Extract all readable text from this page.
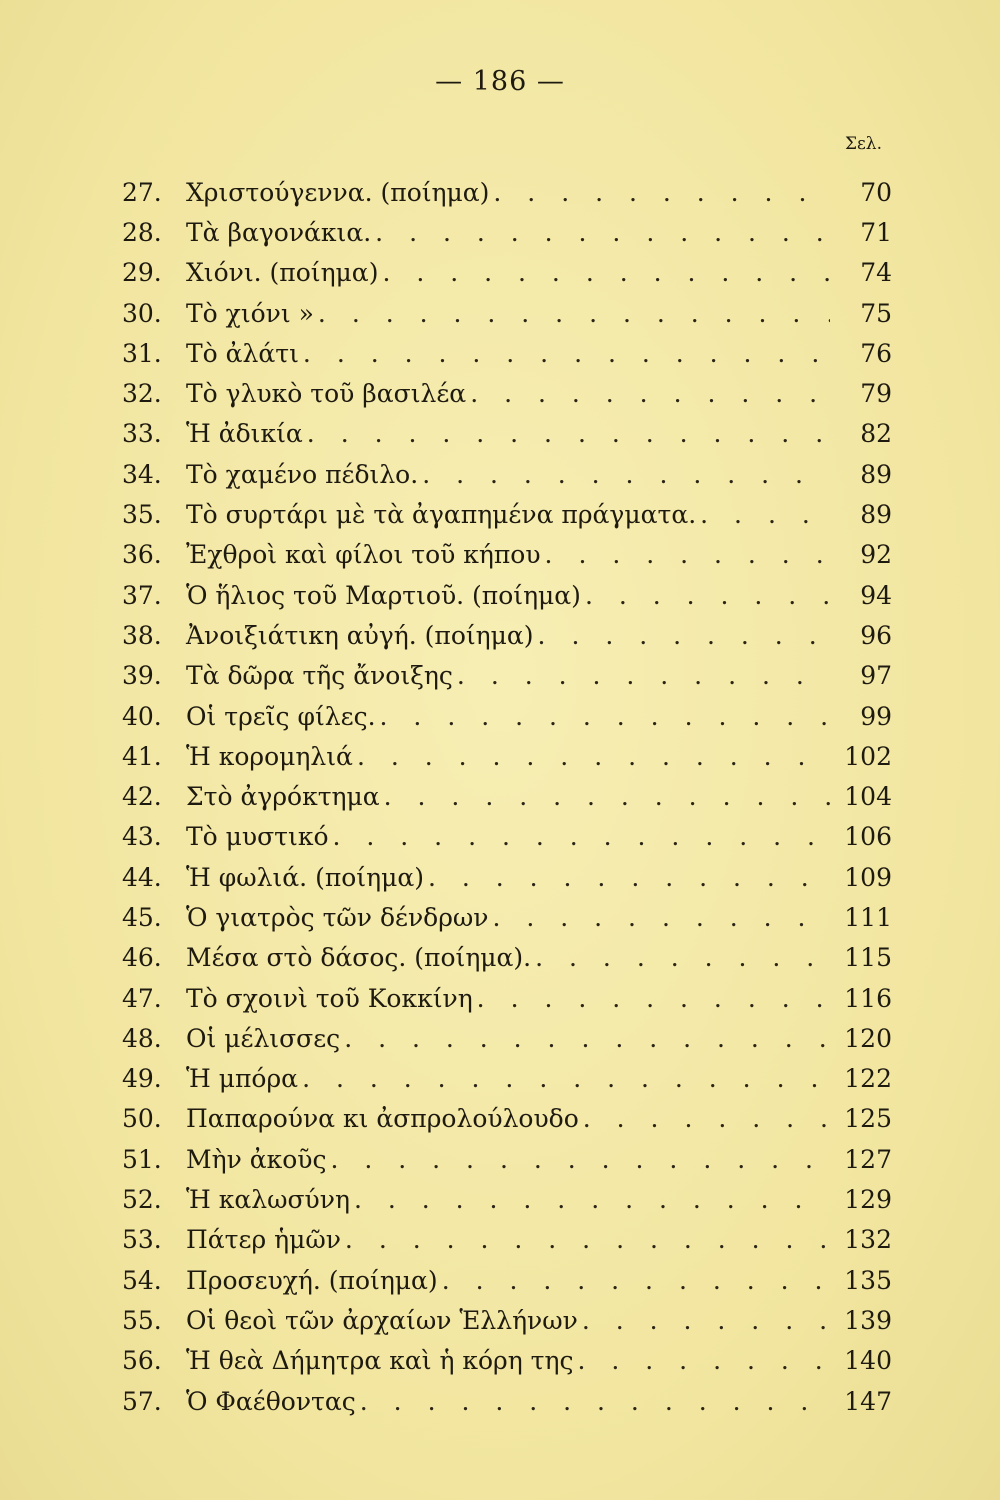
— 186 —
Σελ.
27. Χριστούγεννα. (ποίημα) . . .	70
28. Τὰ βαγονάκια. . . .	71
29. Χιόνι. (ποίημα) . . .	74
30. Τὸ χιόνι » . . .	75
31. Τὸ ἀλάτι . . .	76
32. Τὸ γλυκὸ τοῦ βασιλέα . . .	79
33. Ἡ ἀδικία . . .	82
34. Τὸ χαμένο πέδιλο. . . .	89
35. Τὸ συρτάρι μὲ τὰ ἀγαπημένα πράγματα. . . .	89
36. Ἐχθροὶ καὶ φίλοι τοῦ κήπου . . .	92
37. Ὁ ἥλιος τοῦ Μαρτιοῦ. (ποίημα) . . .	94
38. Ἀνοιξιάτικη αὐγή. (ποίημα) . . .	96
39. Τὰ δῶρα τῆς ἄνοιξης . . .	97
40. Οἱ τρεῖς φίλες. . . .	99
41. Ἡ κορομηλιά . . .	102
42. Στὸ ἀγρόκτημα . . .	104
43. Τὸ μυστικό . . .	106
44. Ἡ φωλιά. (ποίημα) . . .	109
45. Ὁ γιατρὸς τῶν δένδρων . . .	111
46. Μέσα στὸ δάσος. (ποίημα). . . .	115
47. Τὸ σχοινὶ τοῦ Κοκκίνη . . .	116
48. Οἱ μέλισσες . . .	120
49. Ἡ μπόρα . . .	122
50. Παπαρούνα κι ἀσπρολούλουδο . . .	125
51. Μὴν ἀκοῦς . . .	127
52. Ἡ καλωσύνη . . .	129
53. Πάτερ ἡμῶν . . .	132
54. Προσευχή. (ποίημα) . . .	135
55. Οἱ θεοὶ τῶν ἀρχαίων Ἑλλήνων . . .	139
56. Ἡ θεὰ Δήμητρα καὶ ἡ κόρη της . . .	140
57. Ὁ Φαέθοντας . . .	147
